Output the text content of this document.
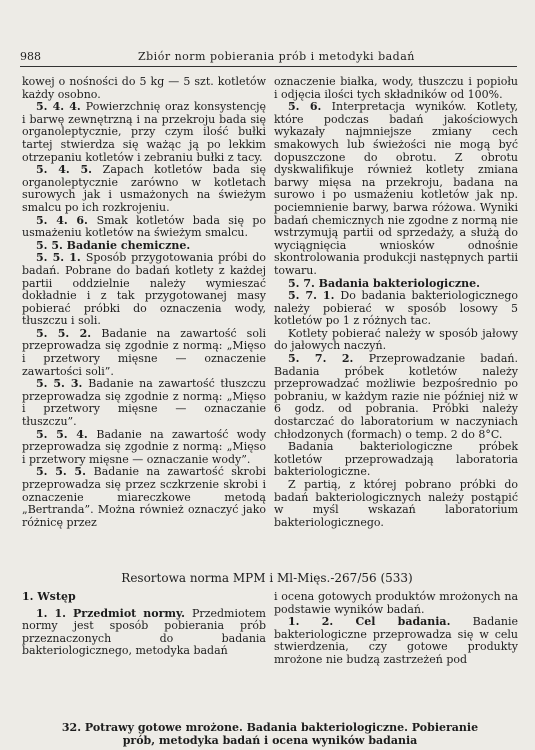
988	Zbiór norm pobierania prób i metodyki badań

kowej o nośności do 5 kg — 5 szt. kotletów każdy osobno.

5. 4. 4. Powierzchnię oraz konsystencję i barwę zewnętrzną i na przekroju bada się organoleptycznie, przy czym ilość bułki tartej stwierdza się ważąc ją po lekkim otrzepaniu kotletów i zebraniu bułki z tacy.

5. 4. 5. Zapach kotletów bada się organoleptycznie zarówno w kotletach surowych jak i usmażonych na świeżym smalcu po ich rozkrojeniu.

5. 4. 6. Smak kotletów bada się po usmażeniu kotletów na świeżym smalcu.

5. 5. Badanie chemiczne.

5. 5. 1. Sposób przygotowania próbi do badań. Pobrane do badań kotlety z każdej partii oddzielnie należy wymieszać dokładnie i z tak przygotowanej masy pobierać próbki do oznaczenia wody, tłuszczu i soli.

5. 5. 2. Badanie na zawartość soli przeprowadza się zgodnie z normą: „Mięso i przetwory mięsne — oznaczenie zawartości soli”.

5. 5. 3. Badanie na zawartość tłuszczu przeprowadza się zgodnie z normą: „Mięso i przetwory mięsne — oznaczanie tłuszczu”.

5. 5. 4. Badanie na zawartość wody przeprowadza się zgodnie z normą: „Mięso i przetwory mięsne — oznaczanie wody”.

5. 5. 5. Badanie na zawartość skrobi przeprowadza się przez sczkrzenie skrobi i oznaczenie miareczkowe metodą „Bertranda”. Można również oznaczyć jako różnicę przez

oznaczenie białka, wody, tłuszczu i popiołu i odjęcia ilości tych składników od 100%.

5. 6. Interpretacja wyników. Kotlety, które podczas badań jakościowych wykazały najmniejsze zmiany cech smakowych lub świeżości nie mogą być dopuszczone do obrotu. Z obrotu dyskwalifikuje również kotlety zmiana barwy mięsa na przekroju, badana na surowo i po usmażeniu kotletów jak np. pociemnienie barwy, barwa różowa. Wyniki badań chemicznych nie zgodne z normą nie wstrzymują partii od sprzedaży, a służą do wyciągnięcia wniosków odnośnie skontrolowania produkcji następnych partii towaru.

5. 7. Badania bakteriologiczne.

5. 7. 1. Do badania bakteriologicznego należy pobierać w sposób losowy 5 kotletów po 1 z różnych tac.

Kotlety pobierać należy w sposób jałowy do jałowych naczyń.

5. 7. 2. Przeprowadzanie badań. Badania próbek kotletów należy przeprowadzać możliwie bezpośrednio po pobraniu, w każdym razie nie później niż w 6 godz. od pobrania. Próbki należy dostarczać do laboratorium w naczyniach chłodzonych (formach) o temp. 2 do 8°C.

Badania bakteriologiczne próbek kotletów przeprowadzają laboratoria bakteriologiczne.

Z partią, z której pobrano próbki do badań bakteriologicznych należy postąpić w myśl wskazań laboratorium bakteriologicznego.

32. Potrawy gotowe mrożone. Badania bakteriologiczne. Pobieranie
prób, metodyka badań i ocena wyników badania

1. Wstęp

1. 1. Przedmiot normy. Przedmiotem normy jest sposób pobierania prób przeznaczonych do badania bakteriologicznego, metodyka badań

i ocena gotowych produktów mrożonych na podstawie wyników badań.

1. 2. Cel badania. Badanie bakteriologiczne przeprowadza się w celu stwierdzenia, czy gotowe produkty mrożone nie budzą zastrzeżeń pod

Resortowa norma MPM i Ml-Mięs.-267/56 (533)
